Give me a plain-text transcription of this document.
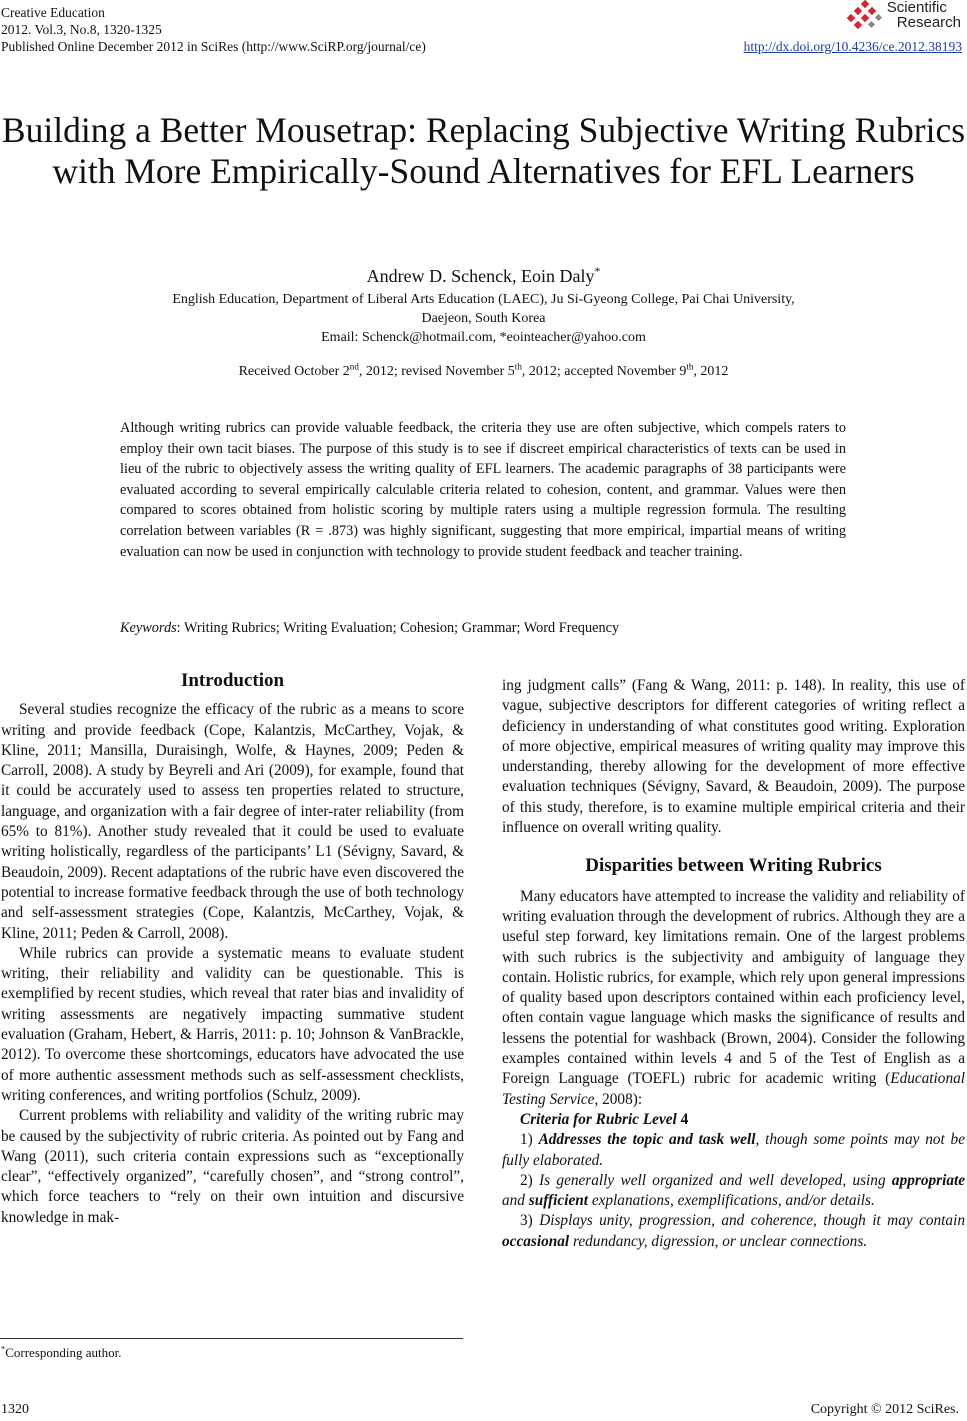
Creative Education
2012. Vol.3, No.8, 1320-1325
Published Online December 2012 in SciRes (http://www.SciRP.org/journal/ce)	http://dx.doi.org/10.4236/ce.2012.38193
Scientific
Research
Building a Better Mousetrap: Replacing Subjective Writing Rubrics with More Empirically-Sound Alternatives for EFL Learners
Andrew D. Schenck, Eoin Daly*
English Education, Department of Liberal Arts Education (LAEC), Ju Si-Gyeong College, Pai Chai University,
Daejeon, South Korea
Email: Schenck@hotmail.com, *eointeacher@yahoo.com
Received October 2nd, 2012; revised November 5th, 2012; accepted November 9th, 2012

Although writing rubrics can provide valuable feedback, the criteria they use are often subjective, which compels raters to employ their own tacit biases. The purpose of this study is to see if discreet empirical characteristics of texts can be used in lieu of the rubric to objectively assess the writing quality of EFL learners. The academic paragraphs of 38 participants were evaluated according to several empirically calculable criteria related to cohesion, content, and grammar. Values were then compared to scores obtained from holistic scoring by multiple raters using a multiple regression formula. The resulting correlation between variables (R = .873) was highly significant, suggesting that more empirical, impartial means of writing evaluation can now be used in conjunction with technology to provide student feedback and teacher training.

Keywords: Writing Rubrics; Writing Evaluation; Cohesion; Grammar; Word Frequency
Introduction

Several studies recognize the efficacy of the rubric as a means to score writing and provide feedback (Cope, Kalantzis, McCarthey, Vojak, & Kline, 2011; Mansilla, Duraisingh, Wolfe, & Haynes, 2009; Peden & Carroll, 2008). A study by Beyreli and Ari (2009), for example, found that it could be accurately used to assess ten properties related to structure, language, and organization with a fair degree of inter-rater reliability (from 65% to 81%). Another study revealed that it could be used to evaluate writing holistically, regardless of the participants’ L1 (Sévigny, Savard, & Beaudoin, 2009). Recent adaptations of the rubric have even discovered the potential to increase formative feedback through the use of both technology and self-assessment strategies (Cope, Kalantzis, McCarthey, Vojak, & Kline, 2011; Peden & Carroll, 2008).

While rubrics can provide a systematic means to evaluate student writing, their reliability and validity can be questionable. This is exemplified by recent studies, which reveal that rater bias and invalidity of writing assessments are negatively impacting summative student evaluation (Graham, Hebert, & Harris, 2011: p. 10; Johnson & VanBrackle, 2012). To overcome these shortcomings, educators have advocated the use of more authentic assessment methods such as self-assessment checklists, writing conferences, and writing portfolios (Schulz, 2009).

Current problems with reliability and validity of the writing rubric may be caused by the subjectivity of rubric criteria. As pointed out by Fang and Wang (2011), such criteria contain expressions such as “exceptionally clear”, “effectively organized”, “carefully chosen”, and “strong control”, which force teachers to “rely on their own intuition and discursive knowledge in mak-

*Corresponding author.

ing judgment calls” (Fang & Wang, 2011: p. 148). In reality, this use of vague, subjective descriptors for different categories of writing reflect a deficiency in understanding of what constitutes good writing. Exploration of more objective, empirical measures of writing quality may improve this understanding, thereby allowing for the development of more effective evaluation techniques (Sévigny, Savard, & Beaudoin, 2009). The purpose of this study, therefore, is to examine multiple empirical criteria and their influence on overall writing quality.

Disparities between Writing Rubrics

Many educators have attempted to increase the validity and reliability of writing evaluation through the development of rubrics. Although they are a useful step forward, key limitations remain. One of the largest problems with such rubrics is the subjectivity and ambiguity of language they contain. Holistic rubrics, for example, which rely upon general impressions of quality based upon descriptors contained within each proficiency level, often contain vague language which masks the significance of results and lessens the potential for washback (Brown, 2004). Consider the following examples contained within levels 4 and 5 of the Test of English as a Foreign Language (TOEFL) rubric for academic writing (Educational Testing Service, 2008):

Criteria for Rubric Level 4

1) Addresses the topic and task well, though some points may not be fully elaborated.

2) Is generally well organized and well developed, using appropriate and sufficient explanations, exemplifications, and/or details.

3) Displays unity, progression, and coherence, though it may contain occasional redundancy, digression, or unclear connections.

1320	Copyright © 2012 SciRes.
